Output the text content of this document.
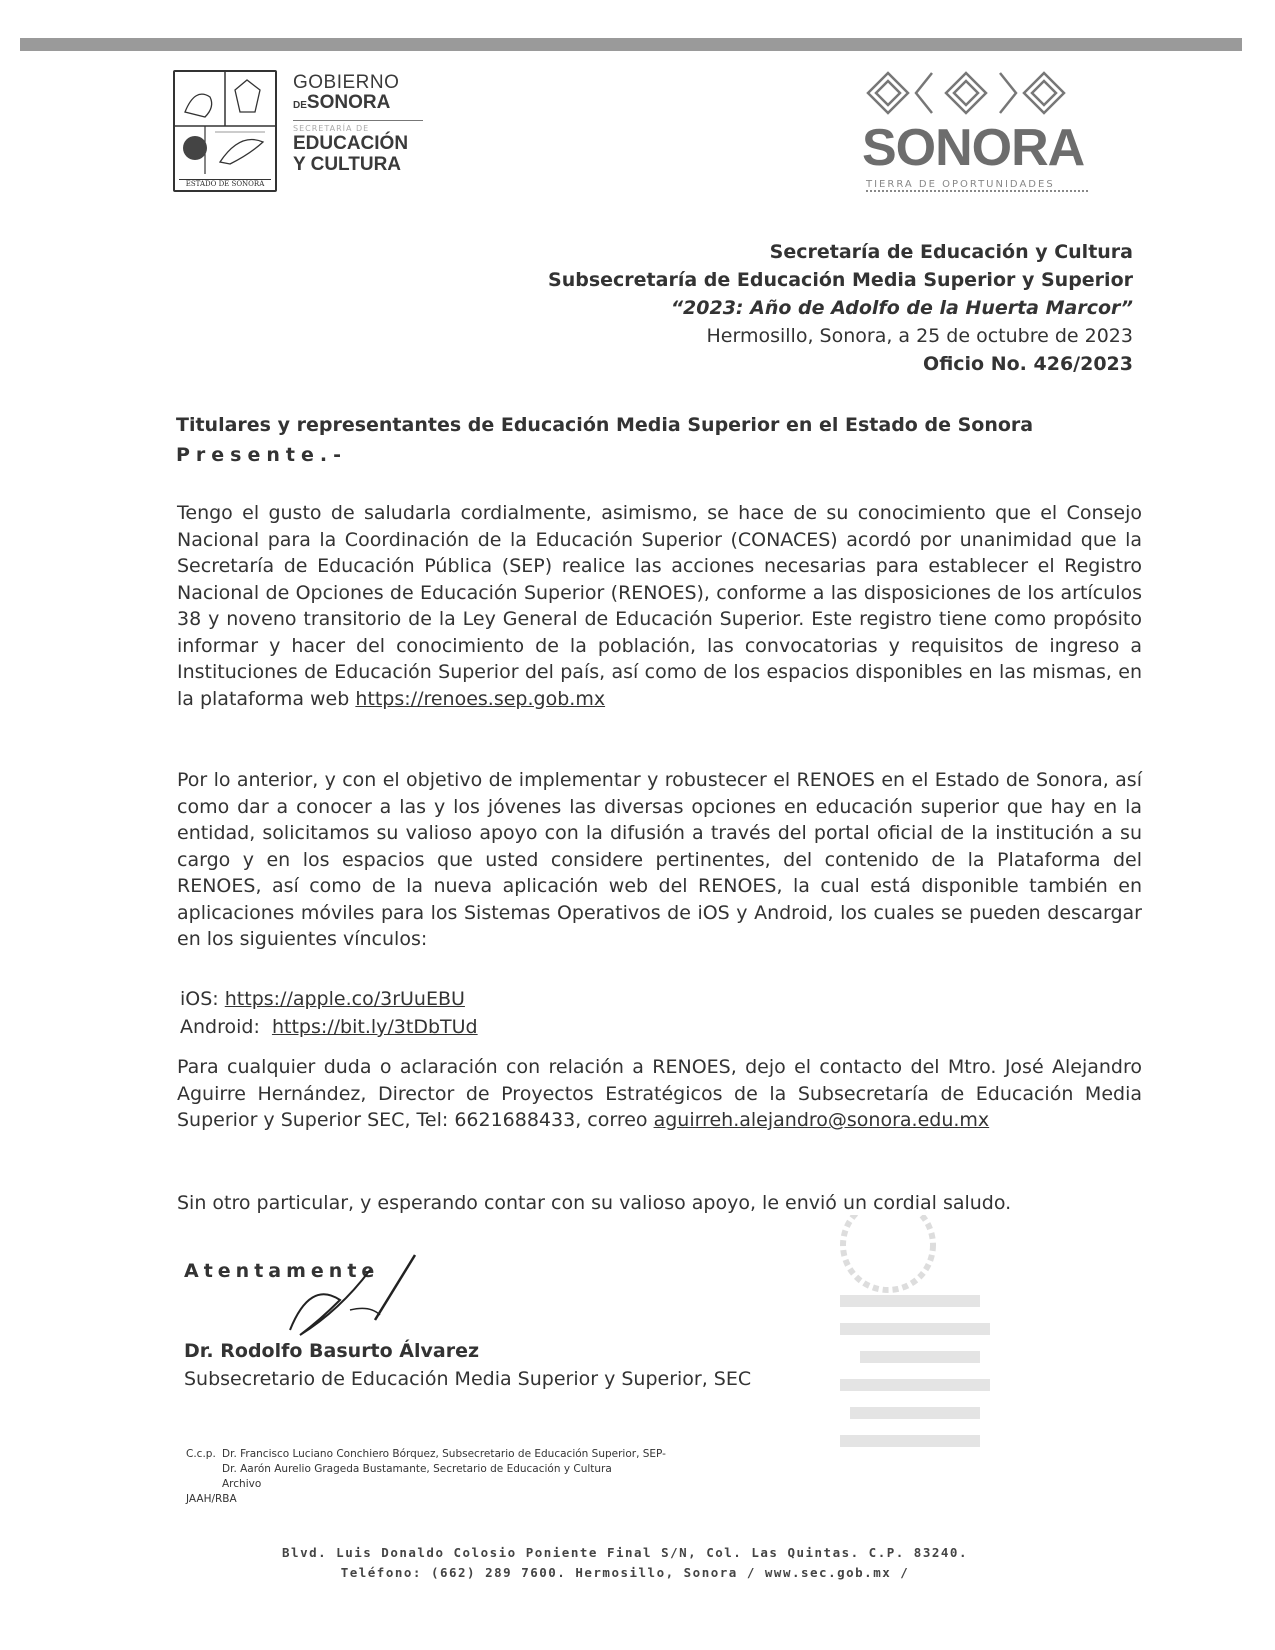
ESTADO DE SONORA
GOBIERNO
DESONORA
SECRETARÍA DE
EDUCACIÓN
Y CULTURA	SONORA
TIERRA DE OPORTUNIDADES
Secretaría de Educación y Cultura
Subsecretaría de Educación Media Superior y Superior
“2023: Año de Adolfo de la Huerta Marcor”
Hermosillo, Sonora, a 25 de octubre de 2023
Oficio No. 426/2023
Titulares y representantes de Educación Media Superior en el Estado de Sonora
Presente.-
Tengo el gusto de saludarla cordialmente, asimismo, se hace de su conocimiento que el Consejo Nacional para la Coordinación de la Educación Superior (CONACES) acordó por unanimidad que la Secretaría de Educación Pública (SEP) realice las acciones necesarias para establecer el Registro Nacional de Opciones de Educación Superior (RENOES), conforme a las disposiciones de los artículos 38 y noveno transitorio de la Ley General de Educación Superior. Este registro tiene como propósito informar y hacer del conocimiento de la población, las convocatorias y requisitos de ingreso a Instituciones de Educación Superior del país, así como de los espacios disponibles en las mismas, en la plataforma web https://renoes.sep.gob.mx
Por lo anterior, y con el objetivo de implementar y robustecer el RENOES en el Estado de Sonora, así como dar a conocer a las y los jóvenes las diversas opciones en educación superior que hay en la entidad, solicitamos su valioso apoyo con la difusión a través del portal oficial de la institución a su cargo y en los espacios que usted considere pertinentes, del contenido de la Plataforma del RENOES, así como de la nueva aplicación web del RENOES, la cual está disponible también en aplicaciones móviles para los Sistemas Operativos de iOS y Android, los cuales se pueden descargar en los siguientes vínculos:
iOS: https://apple.co/3rUuEBU
Android: https://bit.ly/3tDbTUd
Para cualquier duda o aclaración con relación a RENOES, dejo el contacto del Mtro. José Alejandro Aguirre Hernández, Director de Proyectos Estratégicos de la Subsecretaría de Educación Media Superior y Superior SEC, Tel: 6621688433, correo aguirreh.alejandro@sonora.edu.mx
Sin otro particular, y esperando contar con su valioso apoyo, le envió un cordial saludo.
Atentamente
Dr. Rodolfo Basurto Álvarez
Subsecretario de Educación Media Superior y Superior, SEC
C.c.p. Dr. Francisco Luciano Conchiero Bórquez, Subsecretario de Educación Superior, SEP-
Dr. Aarón Aurelio Grageda Bustamante, Secretario de Educación y Cultura
Archivo
JAAH/RBA
Blvd. Luis Donaldo Colosio Poniente Final S/N, Col. Las Quintas. C.P. 83240.
Teléfono: (662) 289 7600. Hermosillo, Sonora / www.sec.gob.mx /
